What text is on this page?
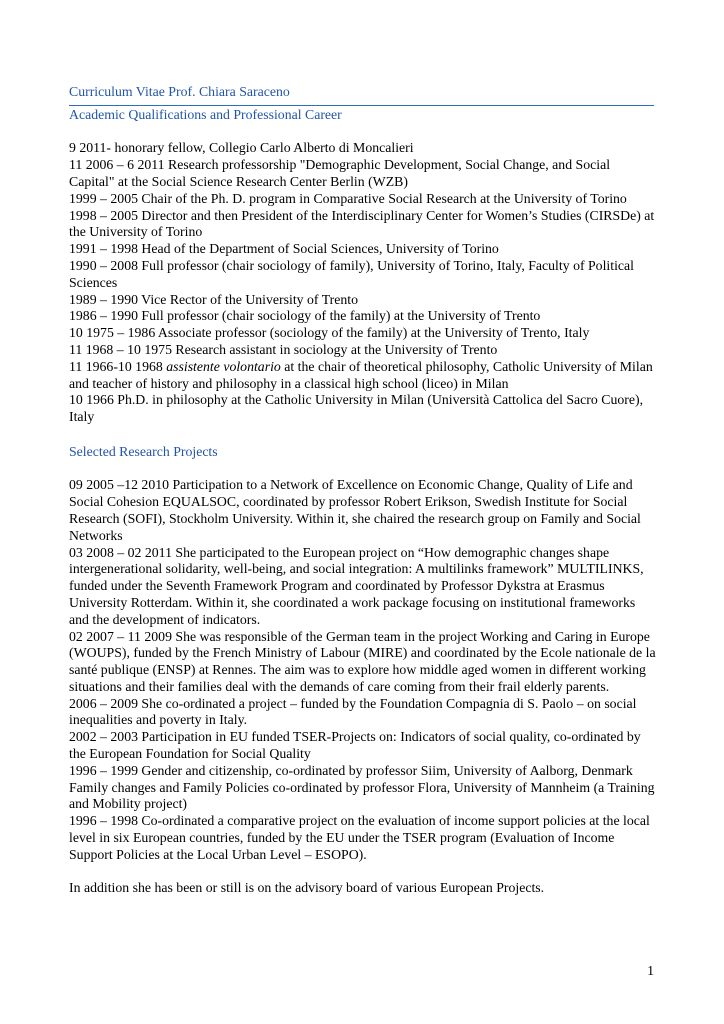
Curriculum Vitae Prof. Chiara Saraceno

Academic Qualifications and Professional Career

9 2011- honorary fellow, Collegio Carlo Alberto di Moncalieri

11 2006 – 6 2011 Research professorship "Demographic Development, Social Change, and Social Capital" at the Social Science Research Center Berlin (WZB)

1999 – 2005 Chair of the Ph. D. program in Comparative Social Research at the University of Torino

1998 – 2005 Director and then President of the Interdisciplinary Center for Women’s Studies (CIRSDe) at the University of Torino

1991 – 1998 Head of the Department of Social Sciences, University of Torino

1990 – 2008 Full professor (chair sociology of family), University of Torino, Italy, Faculty of Political Sciences

1989 – 1990 Vice Rector of the University of Trento

1986 – 1990 Full professor (chair sociology of the family) at the University of Trento

10 1975 – 1986 Associate professor (sociology of the family) at the University of Trento, Italy

11 1968 – 10 1975 Research assistant in sociology at the University of Trento

11 1966-10 1968 assistente volontario at the chair of theoretical philosophy, Catholic University of Milan and teacher of history and philosophy in a classical high school (liceo) in Milan

10 1966 Ph.D. in philosophy at the Catholic University in Milan (Università Cattolica del Sacro Cuore), Italy

Selected Research Projects

09 2005 –12 2010 Participation to a Network of Excellence on Economic Change, Quality of Life and Social Cohesion EQUALSOC, coordinated by professor Robert Erikson, Swedish Institute for Social Research (SOFI), Stockholm University. Within it, she chaired the research group on Family and Social Networks

03 2008 – 02 2011 She participated to the European project on “How demographic changes shape intergenerational solidarity, well-being, and social integration: A multilinks framework” MULTILINKS, funded under the Seventh Framework Program and coordinated by Professor Dykstra at Erasmus University Rotterdam. Within it, she coordinated a work package focusing on institutional frameworks and the development of indicators.

02 2007 – 11 2009 She was responsible of the German team in the project Working and Caring in Europe (WOUPS), funded by the French Ministry of Labour (MIRE) and coordinated by the Ecole nationale de la santé publique (ENSP) at Rennes. The aim was to explore how middle aged women in different working situations and their families deal with the demands of care coming from their frail elderly parents.

2006 – 2009 She co-ordinated a project – funded by the Foundation Compagnia di S. Paolo – on social inequalities and poverty in Italy.

2002 – 2003 Participation in EU funded TSER-Projects on: Indicators of social quality, co-ordinated by the European Foundation for Social Quality

1996 – 1999 Gender and citizenship, co-ordinated by professor Siim, University of Aalborg, Denmark Family changes and Family Policies co-ordinated by professor Flora, University of Mannheim (a Training and Mobility project)

1996 – 1998 Co-ordinated a comparative project on the evaluation of income support policies at the local level in six European countries, funded by the EU under the TSER program (Evaluation of Income Support Policies at the Local Urban Level – ESOPO).

In addition she has been or still is on the advisory board of various European Projects.

1
